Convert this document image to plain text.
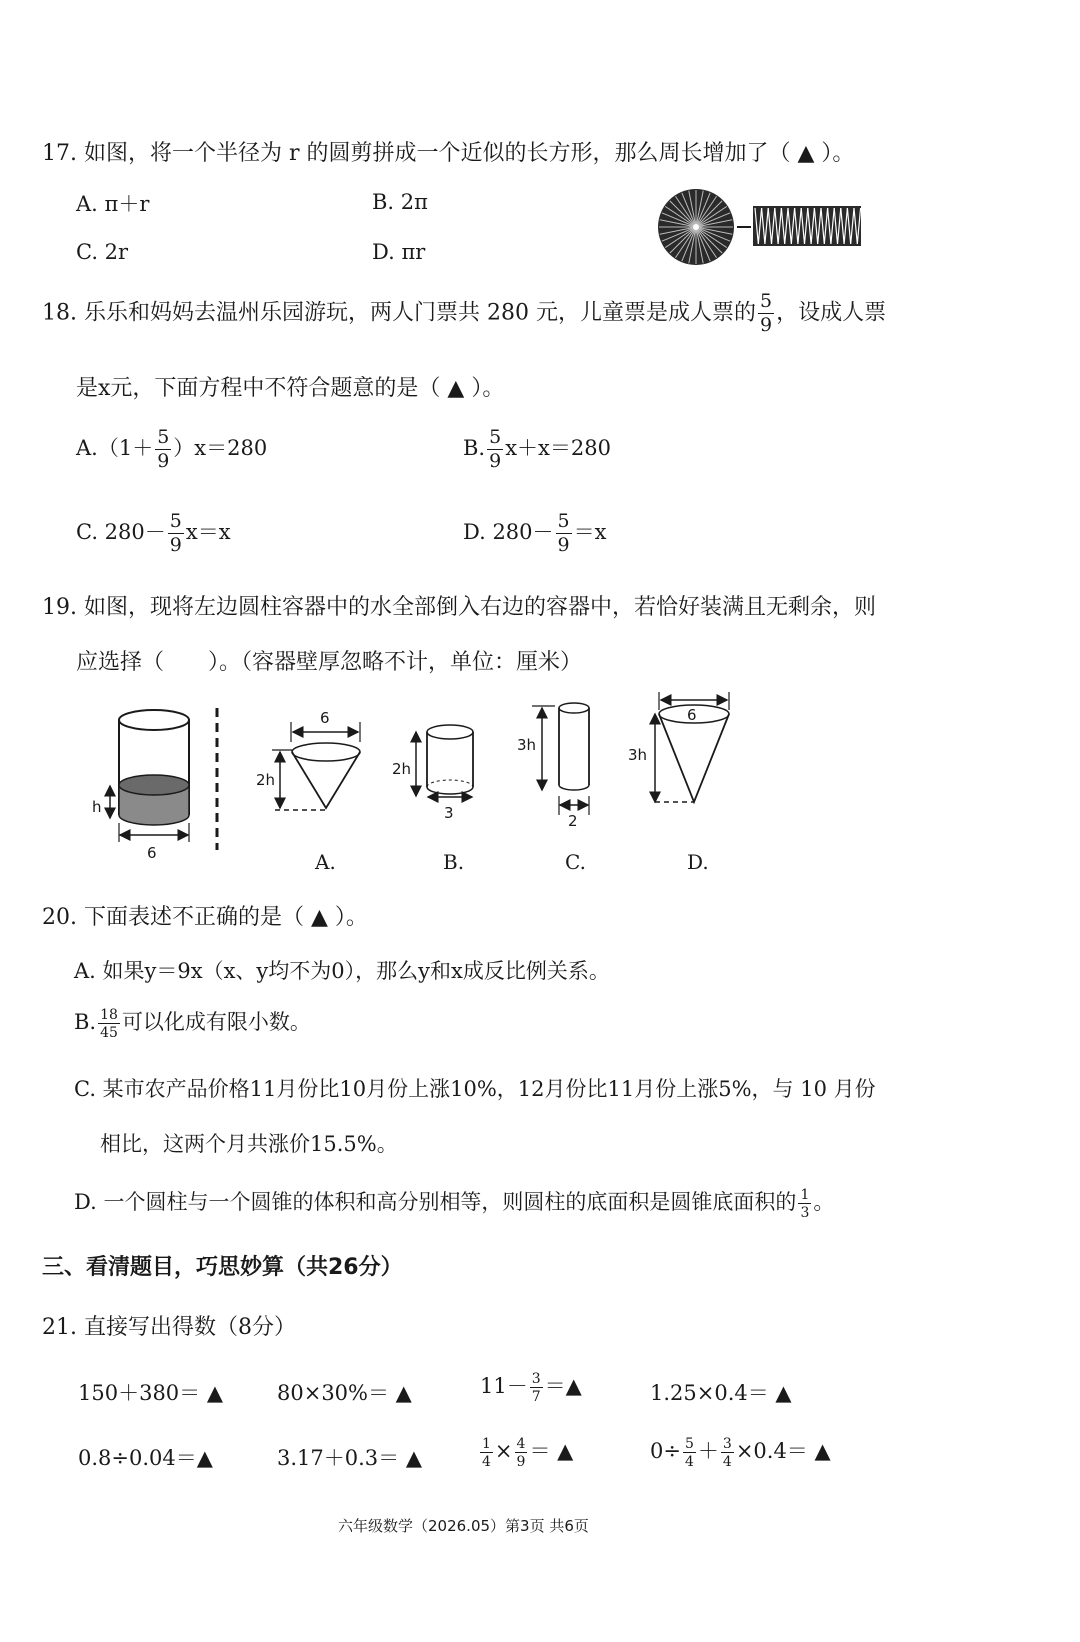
17. 如图，将一个半径为 r 的圆剪拼成一个近似的长方形，那么周长增加了（ ▲ ）。
A. π＋r	B. 2π
C. 2r	D. πr
18. 乐乐和妈妈去温州乐园游玩，两人门票共 280 元，儿童票是成人票的 $\frac{5}{9}$ ，设成人票
是x元，下面方程中不符合题意的是（ ▲ ）。
$A.(1+ \frac{5}{9} )x=280$	B. $\frac{5}{9} x+x=280$
C. $280- \frac{5}{9} x=x$	D. $280- \frac{5}{9} =x$
19. 如图，现将左边圆柱容器中的水全部倒入右边的容器中，若恰好装满且无剩余，则
应选择（　　）。（容器壁厚忽略不计，单位：厘米）
h
6
6
2h
2h
3
3h
2
6
3h
A.	B.	C.	D.
20. 下面表述不正确的是（ ▲ ）。
A. 如果y＝9x（x、y均不为0），那么y和x成反比例关系。
B. $\frac{18}{45}$ 可以化成有限小数。
C. 某市农产品价格11月份比10月份上涨10%，12月份比11月份上涨5%，与 10 月份
相比，这两个月共涨价15.5%。
D. 一个圆柱与一个圆锥的体积和高分别相等，则圆柱的底面积是圆锥底面积的 $\frac{1}{3}$ 。
三、看清题目，巧思妙算（共26分）
21. 直接写出得数（8分）
150＋380＝ ▲	80×30%＝ ▲	$11- \frac{3}{7}$ ＝▲	1.25×0.4＝ ▲
0.8÷0.04＝▲	3.17＋0.3＝ ▲	$\frac{1}{4} \times \frac{4}{9}$ ＝ ▲	$0\div \frac{5}{4} + \frac{3}{4} \times 0.4=$ ▲
六年级数学（2026.05）第3页 共6页
